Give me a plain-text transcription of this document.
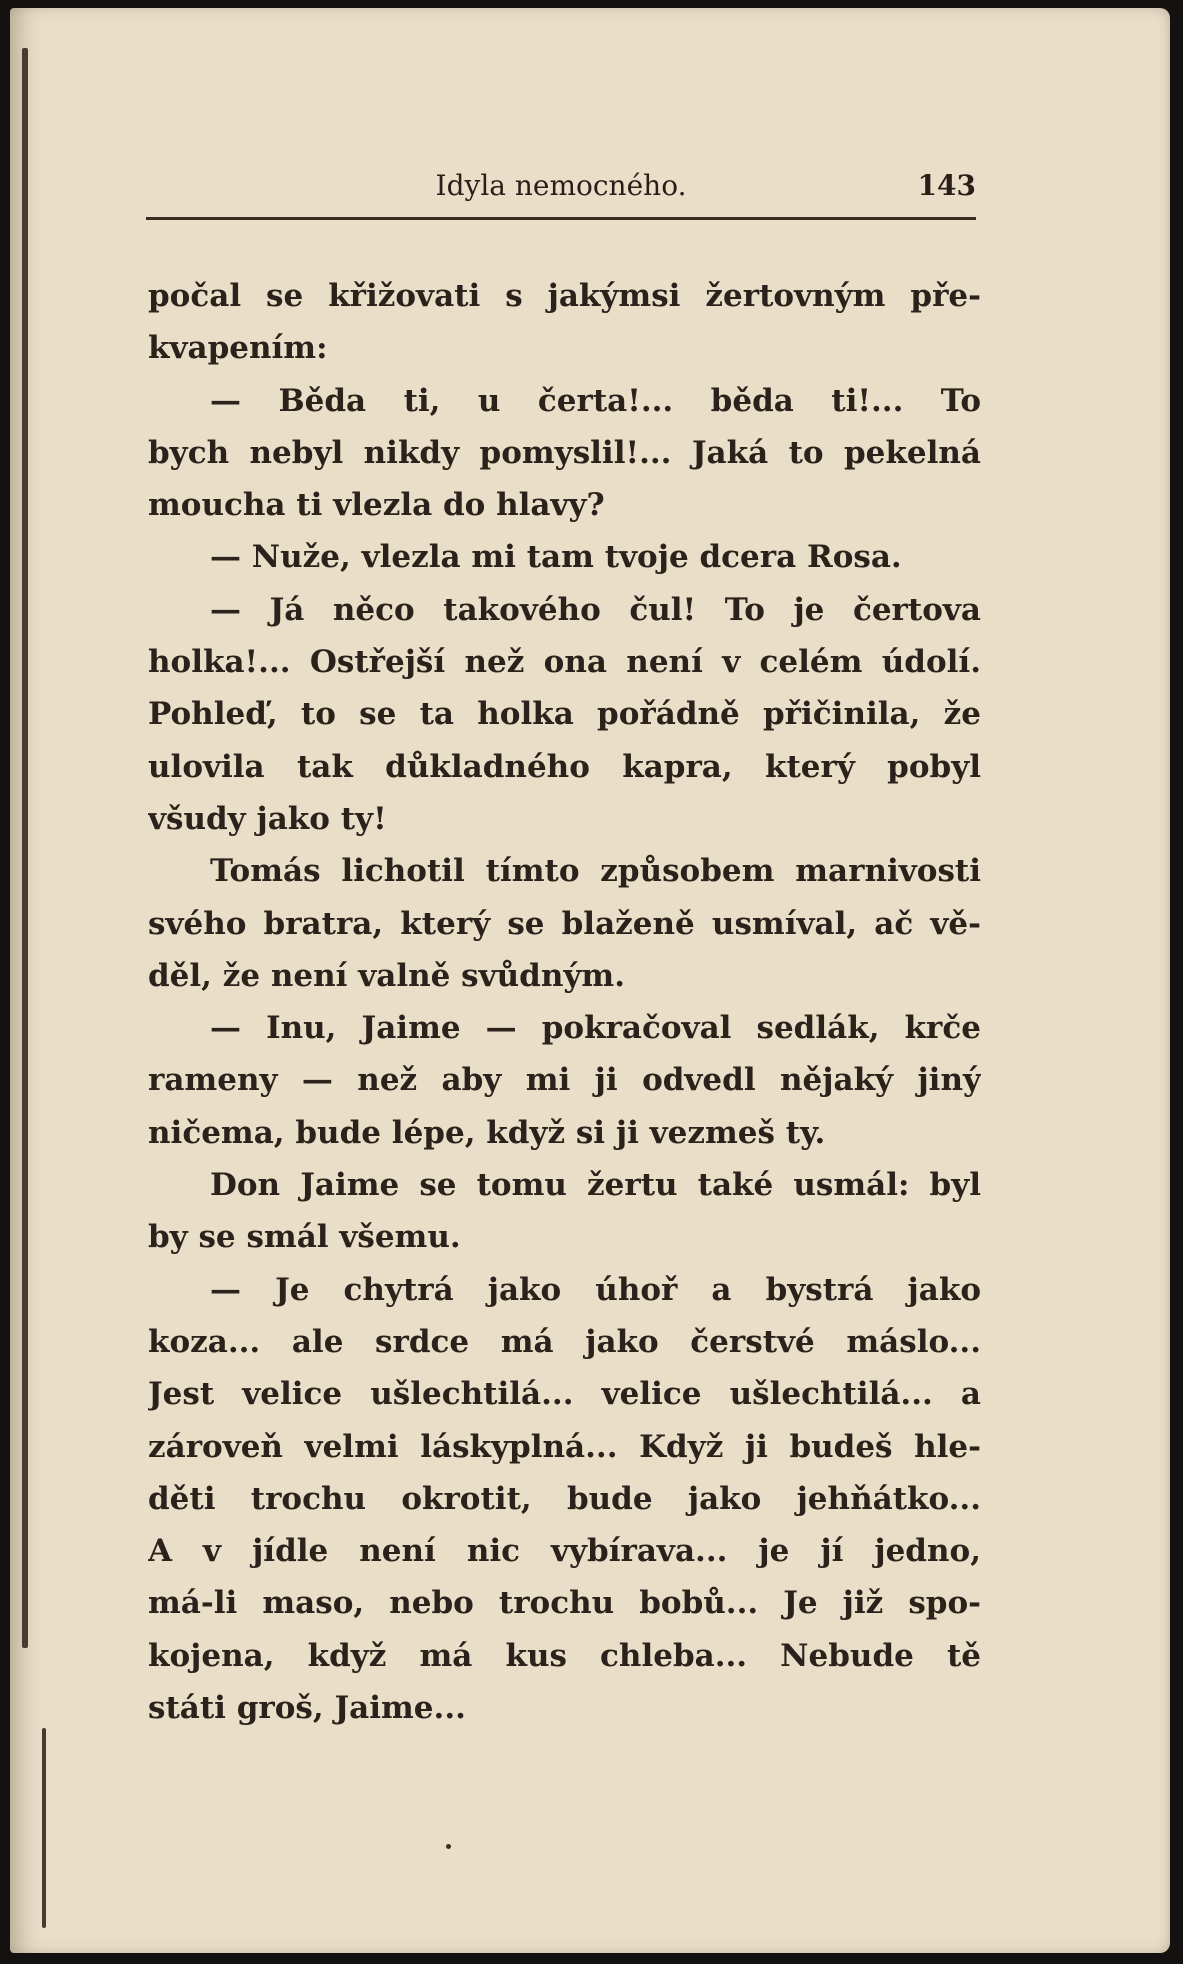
Idyla nemocného.	143
počal se křižovati s jakýmsi žertovným pře-
kvapením:
— Běda ti, u čerta!... běda ti!... To
bych nebyl nikdy pomyslil!... Jaká to pekelná
moucha ti vlezla do hlavy?
— Nuže, vlezla mi tam tvoje dcera Rosa.
— Já něco takového čul! To je čertova
holka!... Ostřejší než ona není v celém údolí.
Pohleď, to se ta holka pořádně přičinila, že
ulovila tak důkladného kapra, který pobyl
všudy jako ty!
Tomás lichotil tímto způsobem marnivosti
svého bratra, který se blaženě usmíval, ač vě-
děl, že není valně svůdným.
— Inu, Jaime — pokračoval sedlák, krče
rameny — než aby mi ji odvedl nějaký jiný
ničema, bude lépe, když si ji vezmeš ty.
Don Jaime se tomu žertu také usmál: byl
by se smál všemu.
— Je chytrá jako úhoř a bystrá jako
koza... ale srdce má jako čerstvé máslo...
Jest velice ušlechtilá... velice ušlechtilá... a
zároveň velmi láskyplná... Když ji budeš hle-
děti trochu okrotit, bude jako jehňátko...
A v jídle není nic vybírava... je jí jedno,
má-li maso, nebo trochu bobů... Je již spo-
kojena, když má kus chleba... Nebude tě
státi groš, Jaime...
